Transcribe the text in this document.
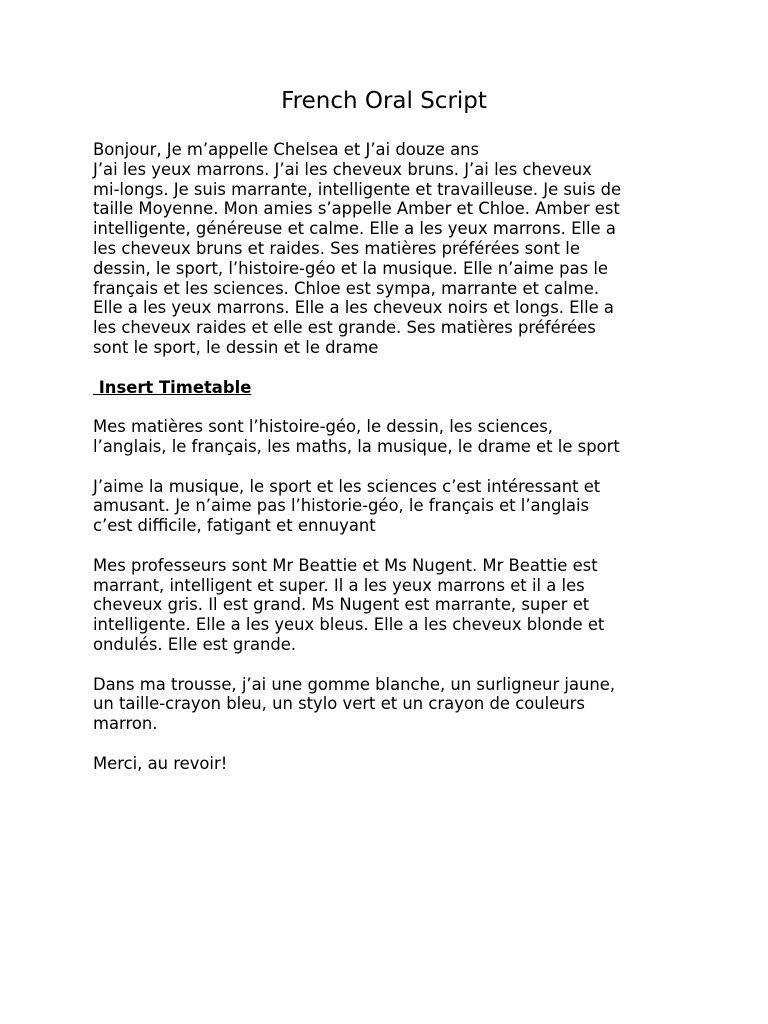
French Oral Script
Bonjour, Je m’appelle Chelsea et J’ai douze ans
J’ai les yeux marrons. J’ai les cheveux bruns. J’ai les cheveux
mi-longs. Je suis marrante, intelligente et travailleuse. Je suis de
taille Moyenne. Mon amies s’appelle Amber et Chloe. Amber est
intelligente, généreuse et calme. Elle a les yeux marrons. Elle a
les cheveux bruns et raides. Ses matières préférées sont le
dessin, le sport, l’histoire-géo et la musique. Elle n’aime pas le
français et les sciences. Chloe est sympa, marrante et calme.
Elle a les yeux marrons. Elle a les cheveux noirs et longs. Elle a
les cheveux raides et elle est grande. Ses matières préférées
sont le sport, le dessin et le drame
Insert Timetable
Mes matières sont l’histoire-géo, le dessin, les sciences,
l’anglais, le français, les maths, la musique, le drame et le sport
J’aime la musique, le sport et les sciences c’est intéressant et
amusant. Je n’aime pas l’historie-géo, le français et l’anglais
c’est difficile, fatigant et ennuyant
Mes professeurs sont Mr Beattie et Ms Nugent. Mr Beattie est
marrant, intelligent et super. Il a les yeux marrons et il a les
cheveux gris. Il est grand. Ms Nugent est marrante, super et
intelligente. Elle a les yeux bleus. Elle a les cheveux blonde et
ondulés. Elle est grande.
Dans ma trousse, j’ai une gomme blanche, un surligneur jaune,
un taille-crayon bleu, un stylo vert et un crayon de couleurs
marron.
Merci, au revoir!
